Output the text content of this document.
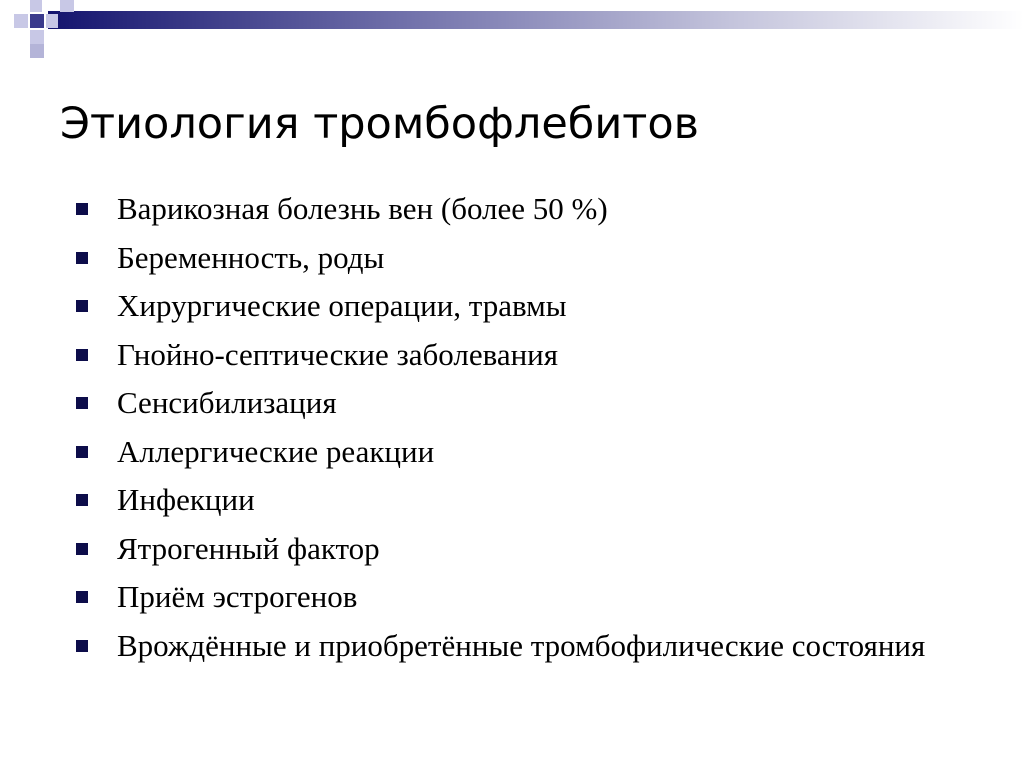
Этиология тромбофлебитов
Варикозная болезнь вен (более 50 %)
Беременность, роды
Хирургические операции, травмы
Гнойно-септические заболевания
Сенсибилизация
Аллергические реакции
Инфекции
Ятрогенный фактор
Приём эстрогенов
Врождённые и приобретённые тромбофилические состояния
